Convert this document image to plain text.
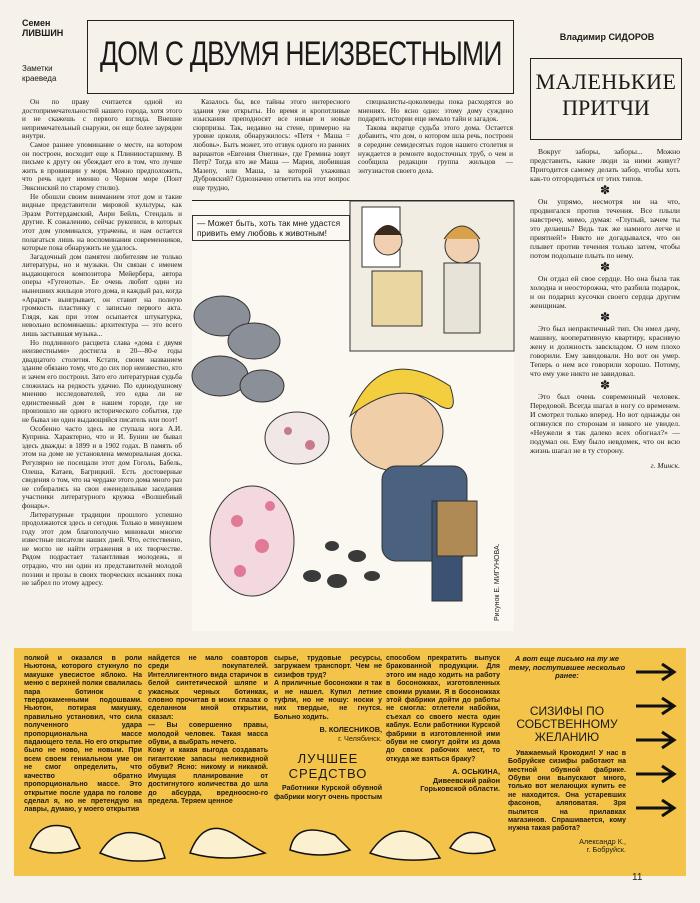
Семен
ЛИВШИН
Заметки краеведа
ДОМ С ДВУМЯ НЕИЗВЕСТНЫМИ

Он по праву считается одной из достопримечательностей нашего города, хотя этого и не скажешь с первого взгляда. Внешне непримечательный снаружи, он еще более заурядеи внутри.

Самое раннее упоминание о месте, на котором он построен, восходит еще к Плиниюстаршему. В письме к другу он убеждает его в том, что лучше жить в провинции у моря. Можно предположить, что речь идет именно о Черном море (Понт Эвксинский по старому стилю).

Не обошли своим вниманием этот дом и такие видные представители мировой культуры, как Эразм Роттердамский, Анри Бейль, Стендаль и другие. К сожалению, сейчас рукописи, в которых этот дом упоминался, утрачены, и нам остается полагаться лишь на воспоминания современников, которые пока обнаружить не удалось.

Загадочный дом памятен любителям не только литературы, но и музыки. Он связан с именем выдающегося композитора Мейербера, автора оперы «Гугеноты». Ее очень любит один из нынешних жильцов этого дома, и каждый раз, когда «Арарат» выигрывает, он ставит на полную громкость пластинку с записью первого акта. Глядя, как при этом осыпается штукатурка, невольно вспоминаешь: архитектура — это всего лишь застывшая музыка...

Но подлинного расцвета слава «дома с двумя неизвестными» достигла в 20—80-е годы двадцатого столетия. Кстати, своим названием здание обязано тому, что до сих пор неизвестно, кто и зачем его построил. Зато его литературная судьба сложилась на редкость удачно. По единодушному мнению исследователей, это едва ли не единственный дом в нашем городе, где не произошло ни одного исторического события, где не бывал ни один выдающийся писатель или поэт!

Особенно часто здесь не ступала нога А.И. Куприна. Характерно, что и И. Бунин не бывал здесь дважды: в 1899 и в 1902 годах. В память об этом на доме не установлена мемориальная доска. Регулярно не посещали этот дом Гоголь, Бабель, Олеша, Катаев, Багрицкий. Есть достоверные сведения о том, что на чердаке этого дома много раз не собирались на свои еженедельные заседания участники литературного кружка «Волшебный фонарь».

Литературные традиции прошлого успешно продолжаются здесь и сегодня. Только в минувшем году этот дом благополучно миновали многие известные писатели наших дней. Что, естественно, не могло не найти отражения в их творчестве. Рядом подрастает талантливая молодежь, и отрадно, что ни один из представителей молодой поэзии и прозы в своих творческих исканиях пока не забрел по этому адресу.

Казалось бы, все тайны этого интересного здания уже открыты. Но время и кропотливые изыскания преподносят все новые и новые сюрпризы. Так, недавно на стене, примерно на уровне цоколя, обнаружилось: «Петя + Маша = любовь». Быть может, это отзвук одного из ранних вариантов «Евгения Онегина», где Гремина зовут Петр? Тогда кто же Маша — Мария, любившая Мазепу, или Маша, за которой ухаживал Дубровский? Однозначно ответить на этот вопрос еще трудно,

специалисты-цоколеведы пока расходятся во мнениях. Но ясно одно: этому дому суждено подарить истории еще немало тайн и загадок.

Такова вкратце судьба этого дома. Остается добавить, что дом, о котором шла речь, построен в середине семидесятых годов нашего столетия и нуждается в ремонте водосточных труб, о чем и сообщила редакции группа жильцов — энтузиастов своего дела.

— Может быть, хоть так мне удастся привить ему любовь к животным!
Рисунок Е. МИГУНОВА.
Владимир СИДОРОВ
МАЛЕНЬКИЕ
ПРИТЧИ

Вокруг заборы, заборы... Можно представить, какие люди за ними живут? Пригодится самому делать забор, чтобы хоть как-то отгородиться от этих типов.

✽

Он упрямо, несмотря ни на что, продвигался против течения. Все плыли навстречу, мимо, думая: «Глупый, зачем ты это делаешь? Ведь так же намного легче и приятней!» Никто не догадывался, что он плывет против течения только затем, чтобы потом подольше плыть по нему.

✽

Он отдал ей свое сердце. Но она была так холодна и неосторожна, что разбила подарок, и он подарил кусочки своего сердца другим женщинам.

✽

Это был непрактичный тип. Он имел дачу, машину, кооперативную квартиру, красивую жену и должность завскладом. О нем плохо говорили. Ему завидовали. Но вот он умер. Теперь о нем все говорили хорошо. Потому, что ему уже никто не завидовал.

✽

Это был очень современный человек. Передовой. Всегда шагал в ногу со временем. И смотрел только вперед. Но вот однажды он оглянулся по сторонам и никого не увидел. «Неужели я так далеко всех обогнал?» — подумал он. Ему было невдомек, что он всю жизнь шагал не в ту сторону.

г. Минск.
полкой и оказался в роли Ньютона, которого стукнуло по макушке увесистое яблоко. На меню с верхней полки свалилась пара ботинок с твердокаменными подошвами. Ньютон, потирая макушку, правильно установил, что сила полученного удара пропорциональна массе падающего тела. Но его открытие было не ново, не новым. При всем своем гениальном уме он не смог определить, что качество обратно пропорционально массе. Это открытие после удара по голове сделал я, но не претендую на лавры, думаю, у моего открытия
найдется не мало соавторов среди покупателей. Интеллигентного вида старичок в белой синтетической шляпе и ужасных черных ботинках, словно прочитав в моих глазах о сделанном мной открытии, сказал:
— Вы совершенно правы, молодой человек. Такая масса обуви, а выбрать нечего.
Кому и какая выгода создавать гигантские запасы неликвидной обуви? Ясно: никому и никакой. Имущая планирование от достигнутого количества до шла до абсурда, вредноосно-го предела. Теряем ценное
сырье, трудовые ресурсы, загружаем транспорт. Чем не сизифов труд?
А приличные босоножки я так и не нашел. Купил летние туфли, но не ношу: носки у них твердые, не гнутся. Больно ходить.
В. КОЛЕСНИКОВ,
г. Челябинск.
ЛУЧШЕЕ
СРЕДСТВО
Работники Курской обувной фабрики могут очень простым
способом прекратить выпуск бракованной продукции. Для этого им надо ходить на работу в босоножках, изготовленных своими руками. Я в босоножках этой фабрики дойти до работы не смогла: отлетели набойки, съехал со своего места один каблук. Если работники Курской фабрики в изготовленной ими обуви не смогут дойти из дома до своих рабочих мест, то откуда же взяться браку?
А. ОСЬКИНА,
Дивеевский район
Горьковской области.
А вот еще письмо на ту же тему, поступившее несколько ранее:
СИЗИФЫ ПО СОБСТВЕННОМУ ЖЕЛАНИЮ
Уважаемый Крокодил! У нас в Бобруйске сизифы работают на местной обувной фабрике. Обуви они выпускают много, только вот желающих купить ее не находится. Она устаревших фасонов, аляповатая. Зря пылится на прилавках магазинов. Спрашивается, кому нужна такая работа?
Александр К.,
г. Бобруйск.
11
